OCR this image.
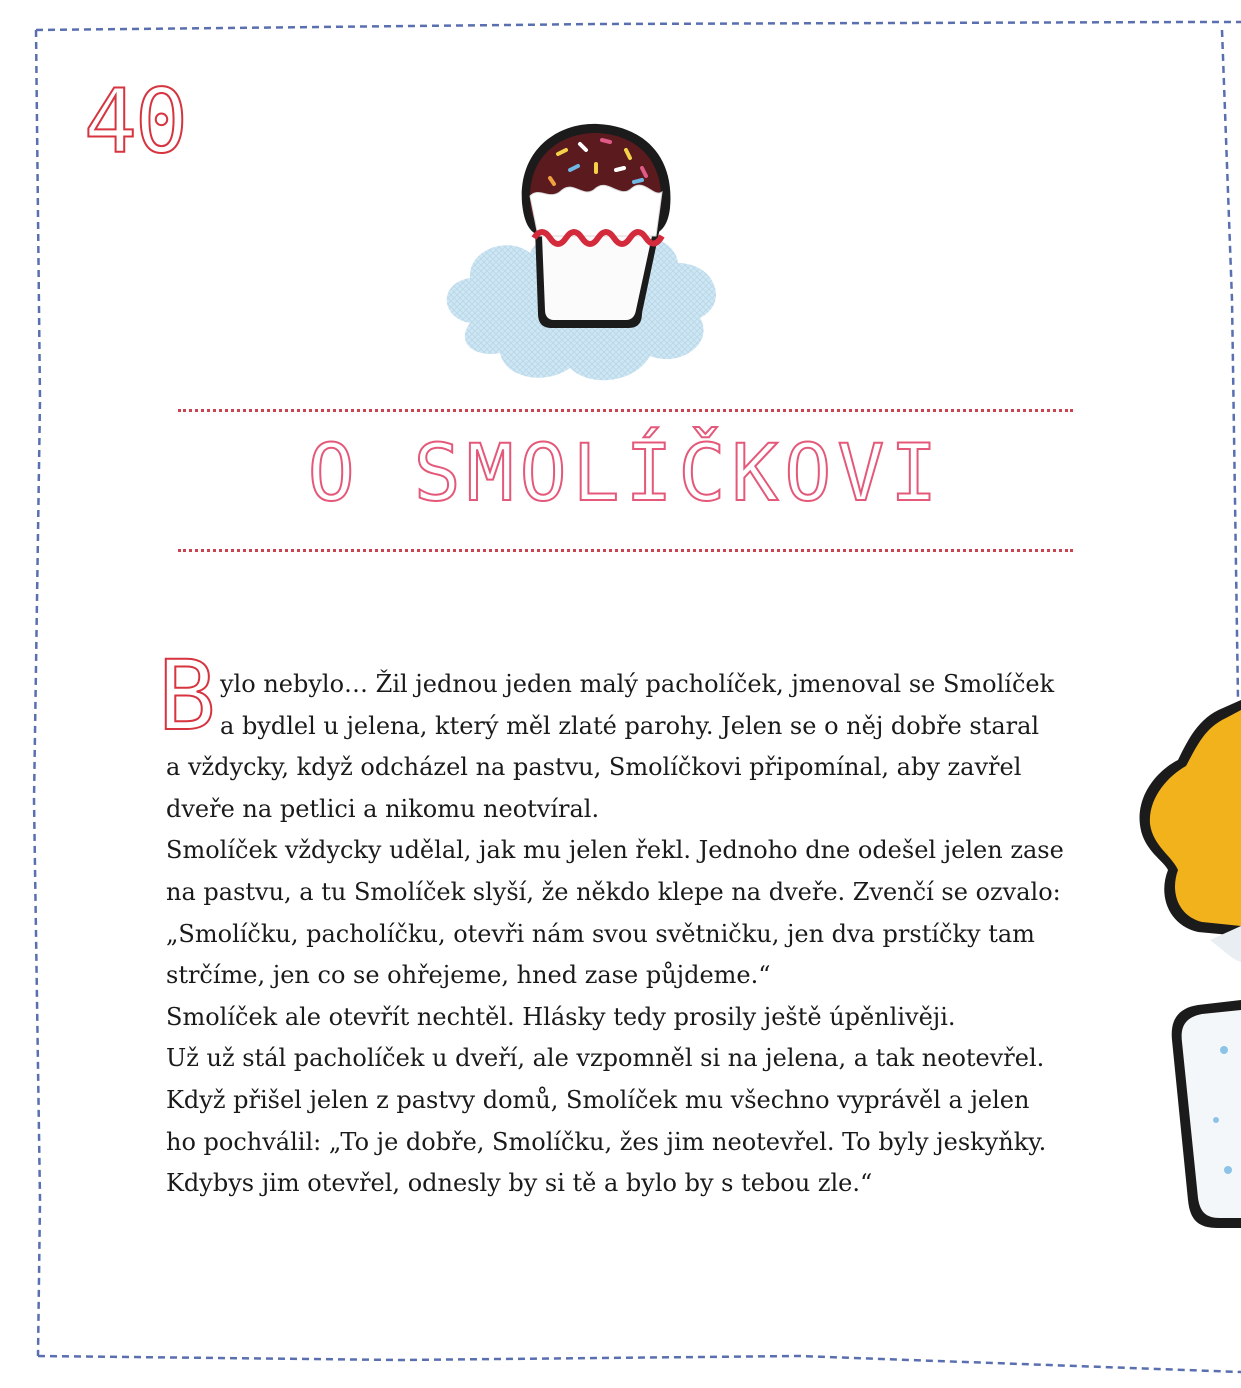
40
O SMOLÍČKOVI
B ylo nebylo… Žil jednou jeden malý pacholíček, jmenoval se Smolíček
a bydlel u jelena, který měl zlaté parohy. Jelen se o něj dobře staral
a vždycky, když odcházel na pastvu, Smolíčkovi připomínal, aby zavřel
dveře na petlici a nikomu neotvíral.
Smolíček vždycky udělal, jak mu jelen řekl. Jednoho dne odešel jelen zase
na pastvu, a tu Smolíček slyší, že někdo klepe na dveře. Zvenčí se ozvalo:
„Smolíčku, pacholíčku, otevři nám svou světničku, jen dva prstíčky tam
strčíme, jen co se ohřejeme, hned zase půjdeme.“
Smolíček ale otevřít nechtěl. Hlásky tedy prosily ještě úpěnlivěji.
Už už stál pacholíček u dveří, ale vzpomněl si na jelena, a tak neotevřel.
Když přišel jelen z pastvy domů, Smolíček mu všechno vyprávěl a jelen
ho pochválil: „To je dobře, Smolíčku, žes jim neotevřel. To byly jeskyňky.
Kdybys jim otevřel, odnesly by si tě a bylo by s tebou zle.“
